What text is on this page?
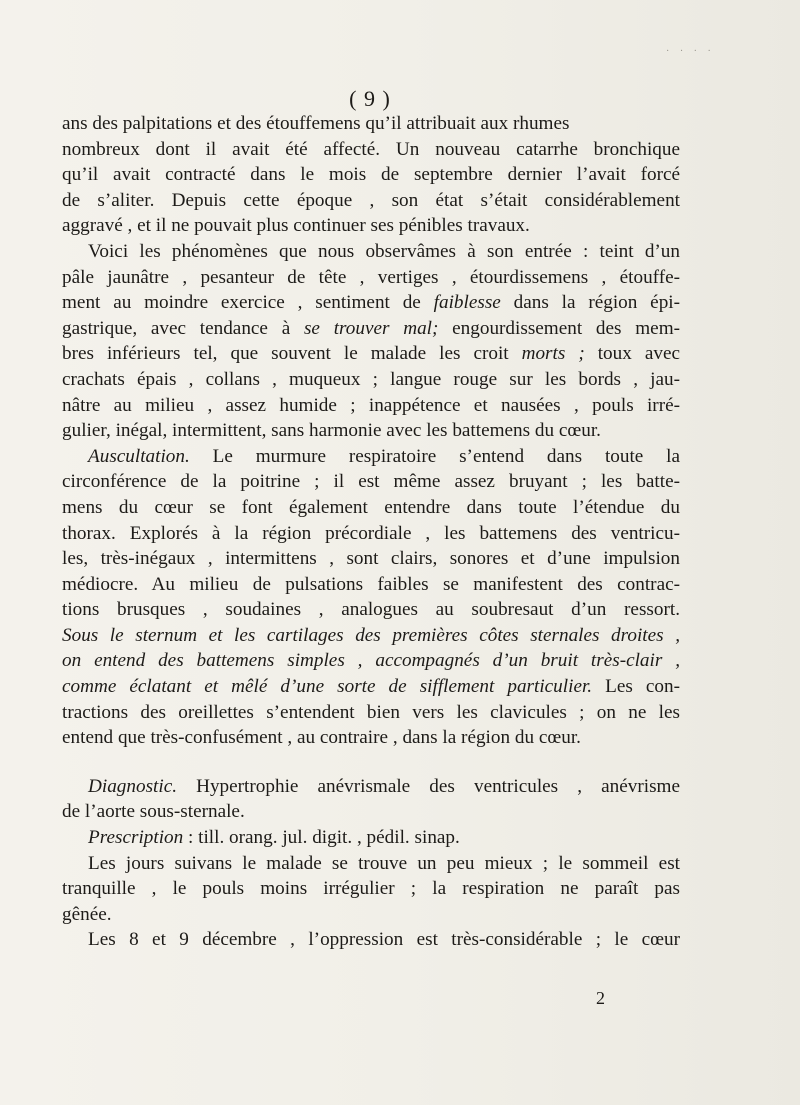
· · · ·
( 9 )
ans des palpitations et des étouffemens qu’il attribuait aux rhumes
nombreux dont il avait été affecté. Un nouveau catarrhe bronchique
qu’il avait contracté dans le mois de septembre dernier l’avait forcé
de s’aliter. Depuis cette époque , son état s’était considérablement
aggravé , et il ne pouvait plus continuer ses pénibles travaux.
Voici les phénomènes que nous observâmes à son entrée : teint d’un
pâle jaunâtre , pesanteur de tête , vertiges , étourdissemens , étouffe-
ment au moindre exercice , sentiment de faiblesse dans la région épi-
gastrique, avec tendance à se trouver mal; engourdissement des mem-
bres inférieurs tel, que souvent le malade les croit morts ; toux avec
crachats épais , collans , muqueux ; langue rouge sur les bords , jau-
nâtre au milieu , assez humide ; inappétence et nausées , pouls irré-
gulier, inégal, intermittent, sans harmonie avec les battemens du cœur.
Auscultation. Le murmure respiratoire s’entend dans toute la
circonférence de la poitrine ; il est même assez bruyant ; les batte-
mens du cœur se font également entendre dans toute l’étendue du
thorax. Explorés à la région précordiale , les battemens des ventricu-
les, très-inégaux , intermittens , sont clairs, sonores et d’une impulsion
médiocre. Au milieu de pulsations faibles se manifestent des contrac-
tions brusques , soudaines , analogues au soubresaut d’un ressort.
Sous le sternum et les cartilages des premières côtes sternales droites ,
on entend des battemens simples , accompagnés d’un bruit très-clair ,
comme éclatant et mêlé d’une sorte de sifflement particulier. Les con-
tractions des oreillettes s’entendent bien vers les clavicules ; on ne les
entend que très-confusément , au contraire , dans la région du cœur.
Diagnostic. Hypertrophie anévrismale des ventricules , anévrisme
de l’aorte sous-sternale.
Prescription : till. orang. jul. digit. , pédil. sinap.
Les jours suivans le malade se trouve un peu mieux ; le sommeil est
tranquille , le pouls moins irrégulier ; la respiration ne paraît pas
gênée.
Les 8 et 9 décembre , l’oppression est très-considérable ; le cœur
2
